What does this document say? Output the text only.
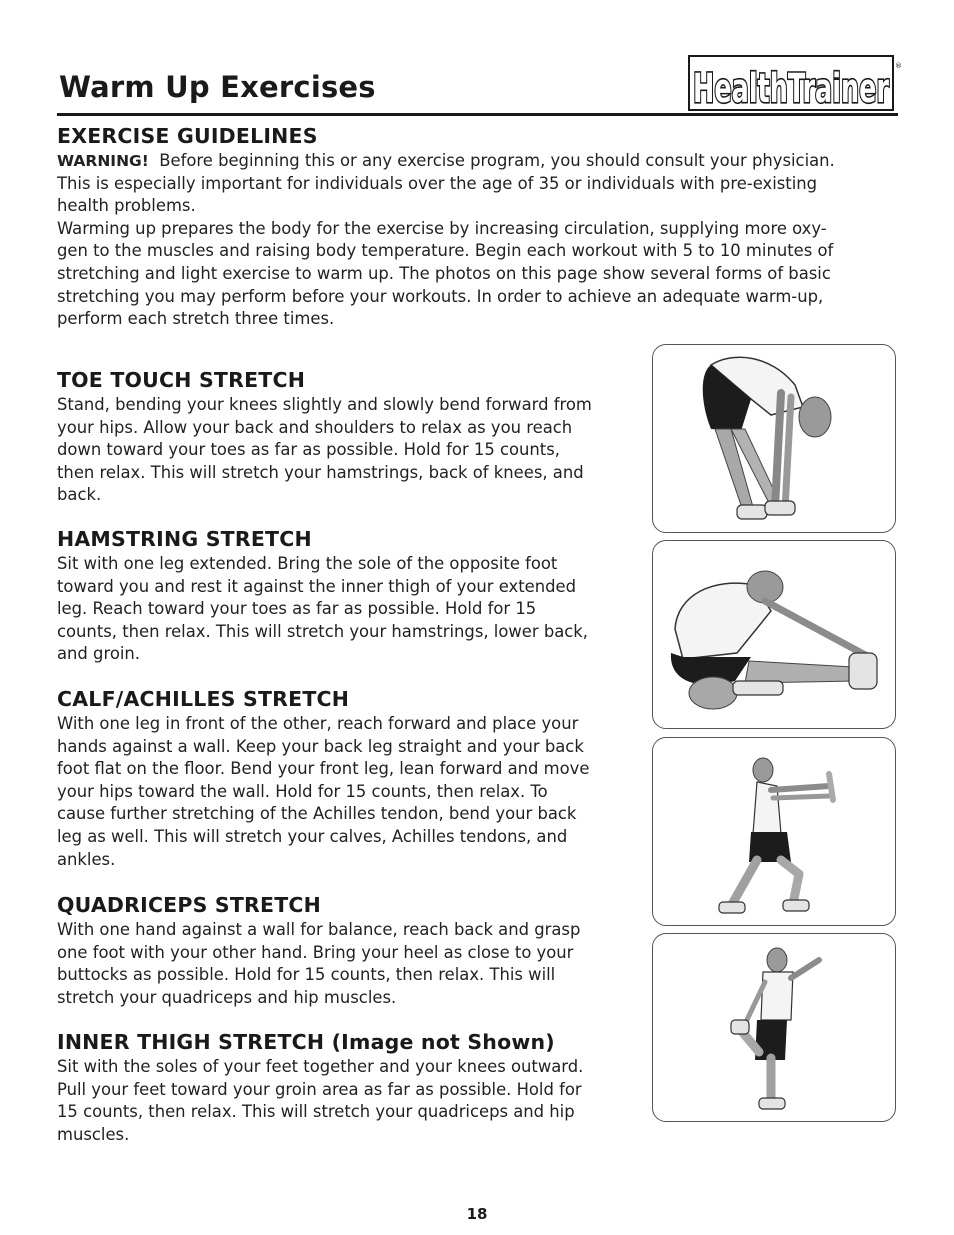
Warm Up Exercises	HealthTrainer ®
EXERCISE GUIDELINES

WARNING! Before beginning this or any exercise program, you should consult your physician.
This is especially important for individuals over the age of 35 or individuals with pre-existing
health problems.
Warming up prepares the body for the exercise by increasing circulation, supplying more oxy-
gen to the muscles and raising body temperature. Begin each workout with 5 to 10 minutes of
stretching and light exercise to warm up. The photos on this page show several forms of basic
stretching you may perform before your workouts. In order to achieve an adequate warm-up,
perform each stretch three times.

TOE TOUCH STRETCH

Stand, bending your knees slightly and slowly bend forward from
your hips. Allow your back and shoulders to relax as you reach
down toward your toes as far as possible. Hold for 15 counts,
then relax. This will stretch your hamstrings, back of knees, and
back.

HAMSTRING STRETCH

Sit with one leg extended. Bring the sole of the opposite foot
toward you and rest it against the inner thigh of your extended
leg. Reach toward your toes as far as possible. Hold for 15
counts, then relax. This will stretch your hamstrings, lower back,
and groin.

CALF/ACHILLES STRETCH

With one leg in front of the other, reach forward and place your
hands against a wall. Keep your back leg straight and your back
foot flat on the floor. Bend your front leg, lean forward and move
your hips toward the wall. Hold for 15 counts, then relax. To
cause further stretching of the Achilles tendon, bend your back
leg as well. This will stretch your calves, Achilles tendons, and
ankles.

QUADRICEPS STRETCH

With one hand against a wall for balance, reach back and grasp
one foot with your other hand. Bring your heel as close to your
buttocks as possible. Hold for 15 counts, then relax. This will
stretch your quadriceps and hip muscles.

INNER THIGH STRETCH (Image not Shown)

Sit with the soles of your feet together and your knees outward.
Pull your feet toward your groin area as far as possible. Hold for
15 counts, then relax. This will stretch your quadriceps and hip
muscles.

18
